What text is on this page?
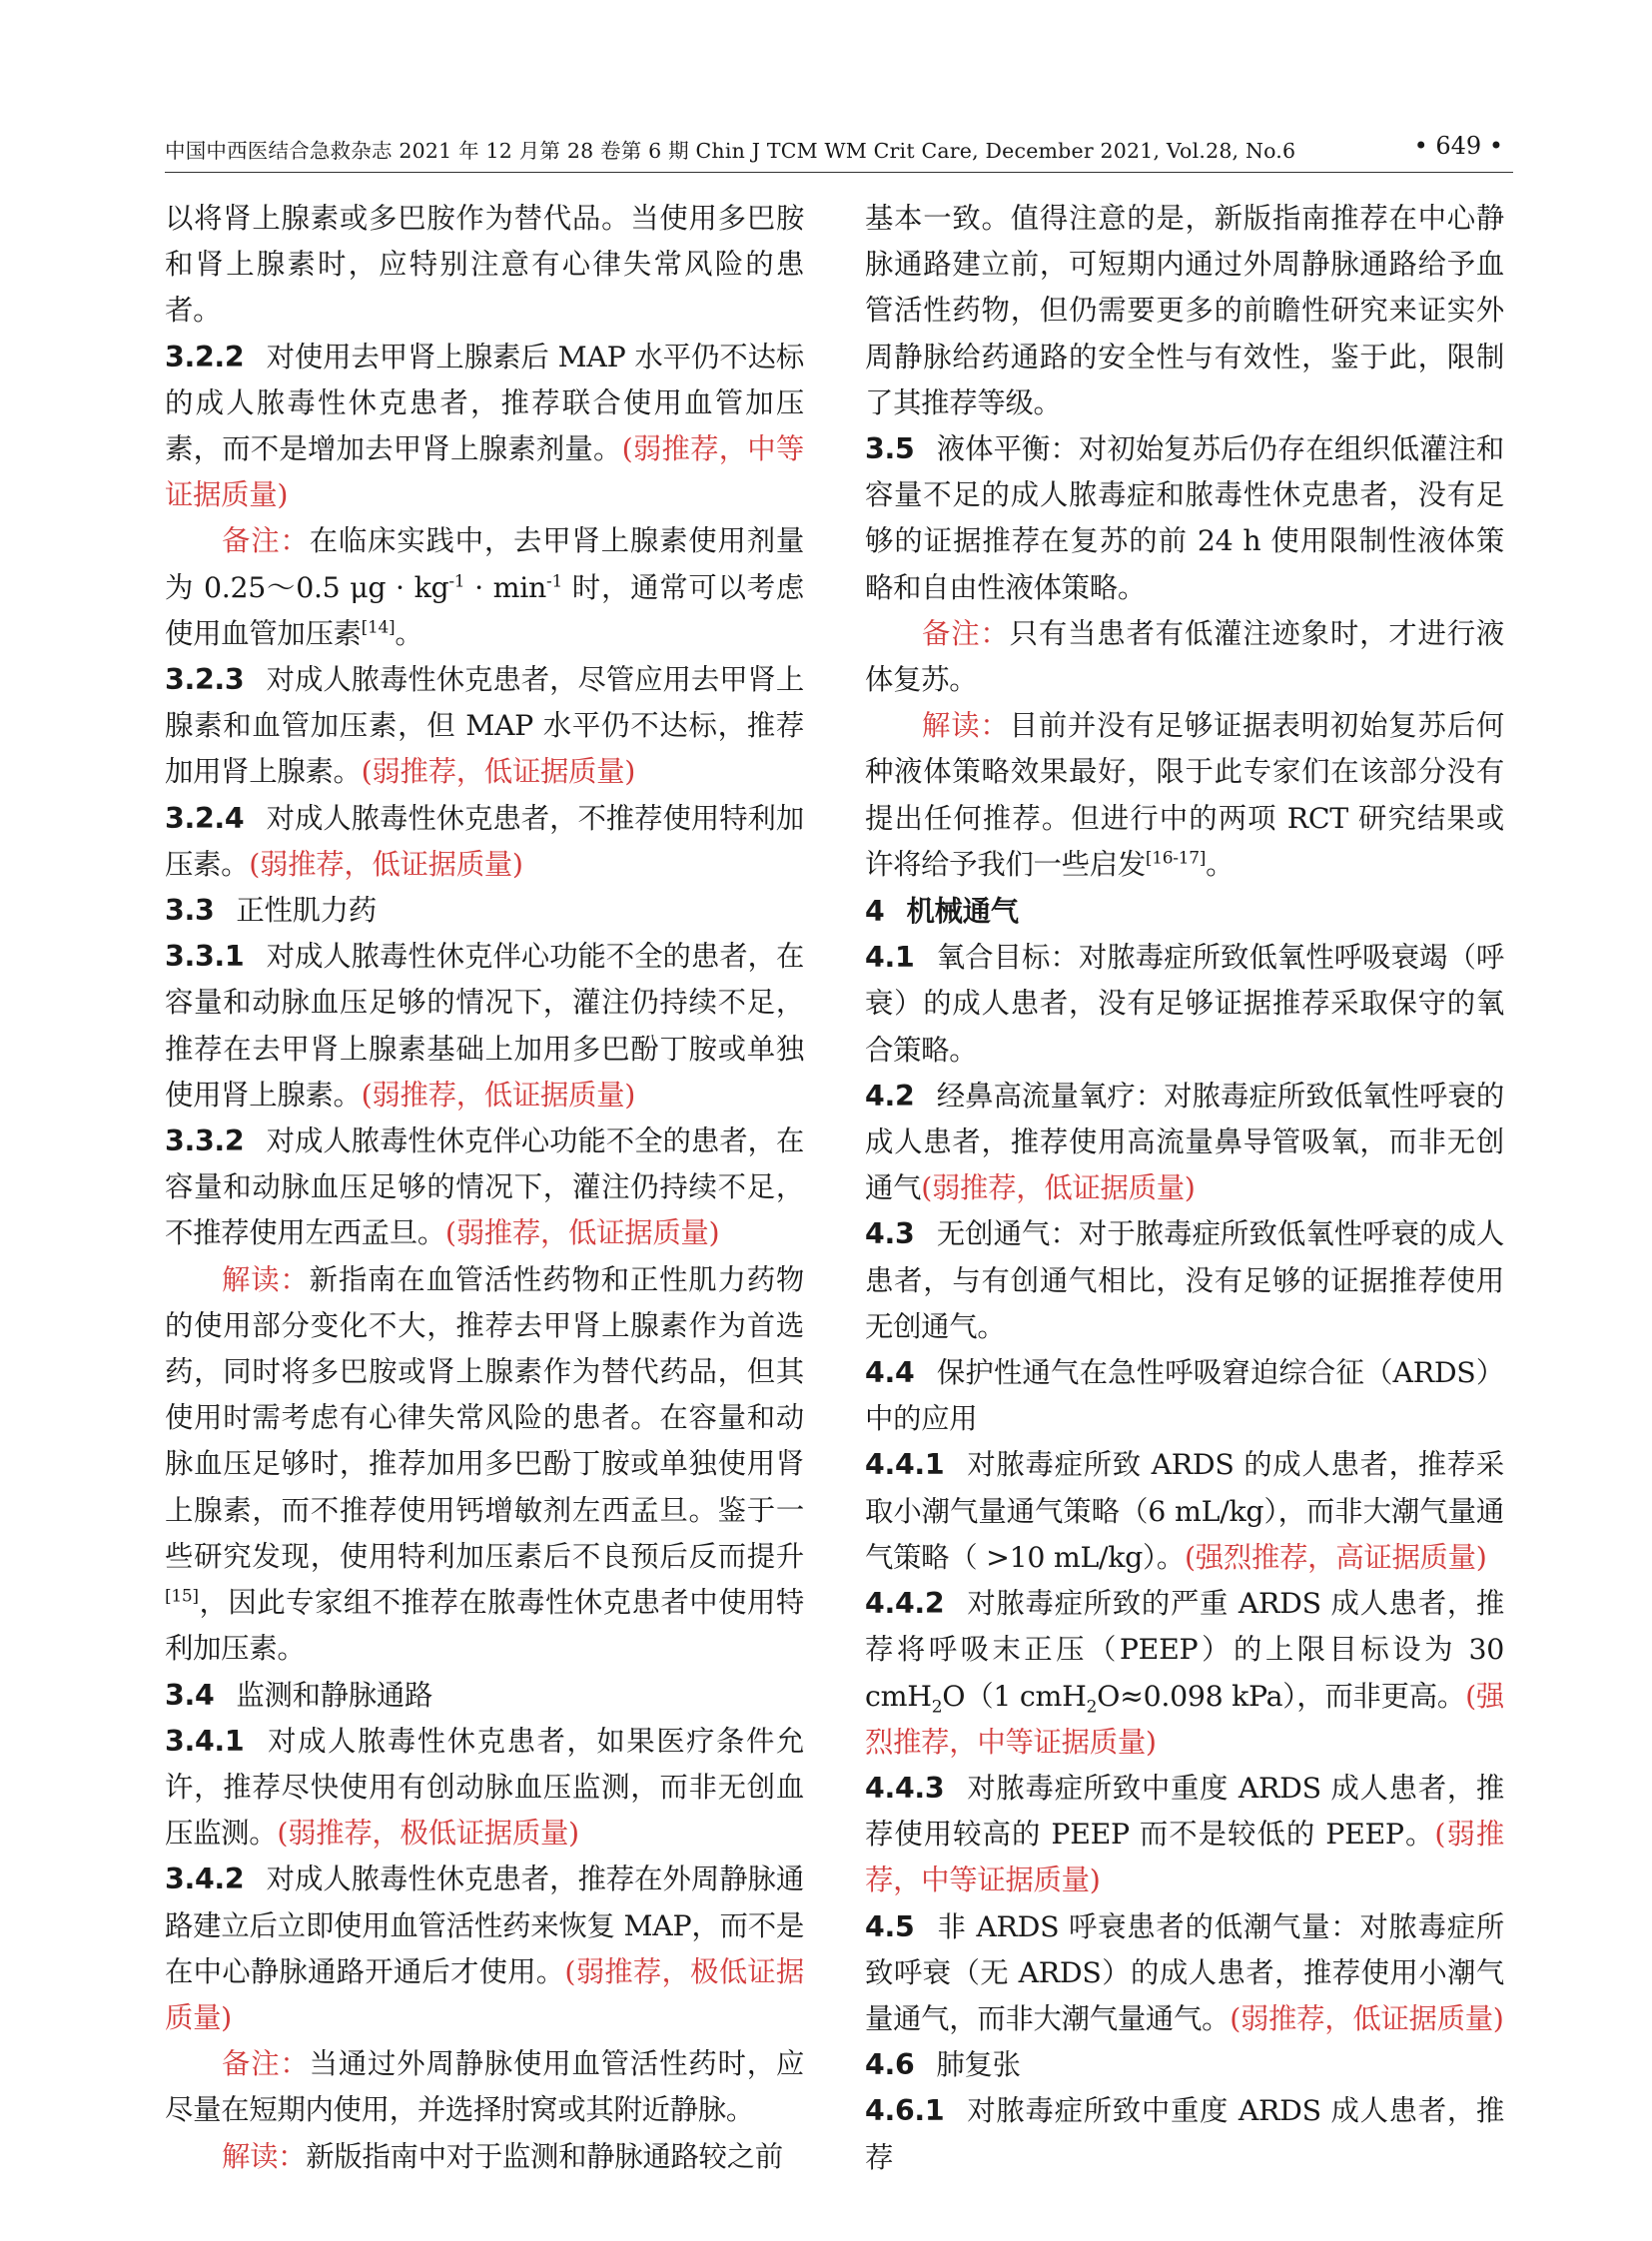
中国中西医结合急救杂志 2021 年 12 月第 28 卷第 6 期 Chin J TCM WM Crit Care, December 2021, Vol.28, No.6	• 649 •

以将肾上腺素或多巴胺作为替代品。当使用多巴胺和肾上腺素时，应特别注意有心律失常风险的患者。

3.2.2 对使用去甲肾上腺素后 MAP 水平仍不达标的成人脓毒性休克患者，推荐联合使用血管加压素，而不是增加去甲肾上腺素剂量。(弱推荐，中等证据质量)

备注：在临床实践中，去甲肾上腺素使用剂量为 0.25～0.5 $\mu g \cdot kg^{-1} \cdot \min^{-1}$ 时，通常可以考虑使用血管加压素[14]。

3.2.3 对成人脓毒性休克患者，尽管应用去甲肾上腺素和血管加压素，但 MAP 水平仍不达标，推荐加用肾上腺素。(弱推荐，低证据质量)

3.2.4 对成人脓毒性休克患者，不推荐使用特利加压素。(弱推荐，低证据质量)

3.3 正性肌力药

3.3.1 对成人脓毒性休克伴心功能不全的患者，在容量和动脉血压足够的情况下，灌注仍持续不足，推荐在去甲肾上腺素基础上加用多巴酚丁胺或单独使用肾上腺素。(弱推荐，低证据质量)

3.3.2 对成人脓毒性休克伴心功能不全的患者，在容量和动脉血压足够的情况下，灌注仍持续不足，不推荐使用左西孟旦。(弱推荐，低证据质量)

解读：新指南在血管活性药物和正性肌力药物的使用部分变化不大，推荐去甲肾上腺素作为首选药，同时将多巴胺或肾上腺素作为替代药品，但其使用时需考虑有心律失常风险的患者。在容量和动脉血压足够时，推荐加用多巴酚丁胺或单独使用肾上腺素，而不推荐使用钙增敏剂左西孟旦。鉴于一些研究发现，使用特利加压素后不良预后反而提升[15]，因此专家组不推荐在脓毒性休克患者中使用特利加压素。

3.4 监测和静脉通路

3.4.1 对成人脓毒性休克患者，如果医疗条件允许，推荐尽快使用有创动脉血压监测，而非无创血压监测。(弱推荐，极低证据质量)

3.4.2 对成人脓毒性休克患者，推荐在外周静脉通路建立后立即使用血管活性药来恢复 MAP，而不是在中心静脉通路开通后才使用。(弱推荐，极低证据质量)

备注：当通过外周静脉使用血管活性药时，应尽量在短期内使用，并选择肘窝或其附近静脉。

解读：新版指南中对于监测和静脉通路较之前

基本一致。值得注意的是，新版指南推荐在中心静脉通路建立前，可短期内通过外周静脉通路给予血管活性药物，但仍需要更多的前瞻性研究来证实外周静脉给药通路的安全性与有效性，鉴于此，限制了其推荐等级。

3.5 液体平衡：对初始复苏后仍存在组织低灌注和容量不足的成人脓毒症和脓毒性休克患者，没有足够的证据推荐在复苏的前 24 h 使用限制性液体策略和自由性液体策略。

备注：只有当患者有低灌注迹象时，才进行液体复苏。

解读：目前并没有足够证据表明初始复苏后何种液体策略效果最好，限于此专家们在该部分没有提出任何推荐。但进行中的两项 RCT 研究结果或许将给予我们一些启发[16-17]。

4 机械通气

4.1 氧合目标：对脓毒症所致低氧性呼吸衰竭（呼衰）的成人患者，没有足够证据推荐采取保守的氧合策略。

4.2 经鼻高流量氧疗：对脓毒症所致低氧性呼衰的成人患者，推荐使用高流量鼻导管吸氧，而非无创通气(弱推荐，低证据质量)

4.3 无创通气：对于脓毒症所致低氧性呼衰的成人患者，与有创通气相比，没有足够的证据推荐使用无创通气。

4.4 保护性通气在急性呼吸窘迫综合征（ARDS）中的应用

4.4.1 对脓毒症所致 ARDS 的成人患者，推荐采取小潮气量通气策略（6 mL/kg），而非大潮气量通气策略（ >10 mL/kg）。(强烈推荐，高证据质量)

4.4.2 对脓毒症所致的严重 ARDS 成人患者，推荐将呼吸末正压（PEEP）的上限目标设为 30 cmH$_2$O（1 cmH$_2$O≈0.098 kPa），而非更高。(强烈推荐，中等证据质量)

4.4.3 对脓毒症所致中重度 ARDS 成人患者，推荐使用较高的 PEEP 而不是较低的 PEEP。(弱推荐，中等证据质量)

4.5 非 ARDS 呼衰患者的低潮气量：对脓毒症所致呼衰（无 ARDS）的成人患者，推荐使用小潮气量通气，而非大潮气量通气。(弱推荐，低证据质量)

4.6 肺复张

4.6.1 对脓毒症所致中重度 ARDS 成人患者，推荐
